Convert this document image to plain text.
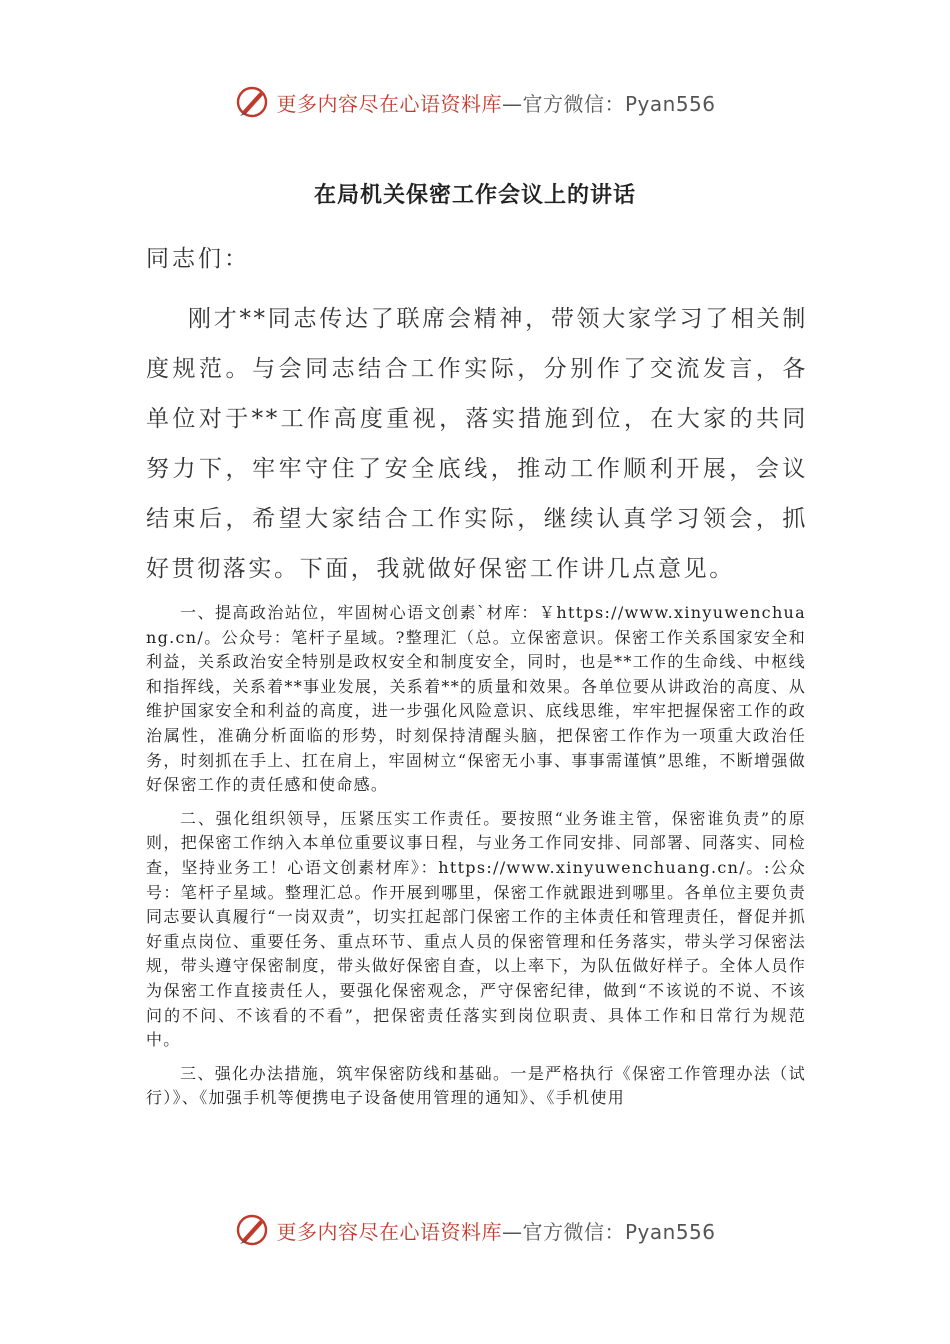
更多内容尽在心语资料库—官方微信：Pyan556
在局机关保密工作会议上的讲话

同志们：

刚才**同志传达了联席会精神，带领大家学习了相关制度规范。与会同志结合工作实际，分别作了交流发言，各单位对于**工作高度重视，落实措施到位，在大家的共同努力下，牢牢守住了安全底线，推动工作顺利开展，会议结束后，希望大家结合工作实际，继续认真学习领会，抓好贯彻落实。下面，我就做好保密工作讲几点意见。

一、提高政治站位，牢固树心语文创素`材库：￥https://www.xinyuwenchuang.cn/。公众号：笔杆子星域。?整理汇（总。立保密意识。保密工作关系国家安全和利益，关系政治安全特别是政权安全和制度安全，同时，也是**工作的生命线、中枢线和指挥线，关系着**事业发展，关系着**的质量和效果。各单位要从讲政治的高度、从维护国家安全和利益的高度，进一步强化风险意识、底线思维，牢牢把握保密工作的政治属性，准确分析面临的形势，时刻保持清醒头脑，把保密工作作为一项重大政治任务，时刻抓在手上、扛在肩上，牢固树立“保密无小事、事事需谨慎”思维，不断增强做好保密工作的责任感和使命感。

二、强化组织领导，压紧压实工作责任。要按照“业务谁主管，保密谁负责”的原则，把保密工作纳入本单位重要议事日程，与业务工作同安排、同部署、同落实、同检查，坚持业务工！心语文创素材库》：https://www.xinyuwenchuang.cn/。:公众号：笔杆子星域。整理汇总。作开展到哪里，保密工作就跟进到哪里。各单位主要负责同志要认真履行“一岗双责”，切实扛起部门保密工作的主体责任和管理责任，督促并抓好重点岗位、重要任务、重点环节、重点人员的保密管理和任务落实，带头学习保密法规，带头遵守保密制度，带头做好保密自查，以上率下，为队伍做好样子。全体人员作为保密工作直接责任人，要强化保密观念，严守保密纪律，做到“不该说的不说、不该问的不问、不该看的不看”，把保密责任落实到岗位职责、具体工作和日常行为规范中。

三、强化办法措施，筑牢保密防线和基础。一是严格执行《保密工作管理办法（试行）》、《加强手机等便携电子设备使用管理的通知》、《手机使用

更多内容尽在心语资料库—官方微信：Pyan556
